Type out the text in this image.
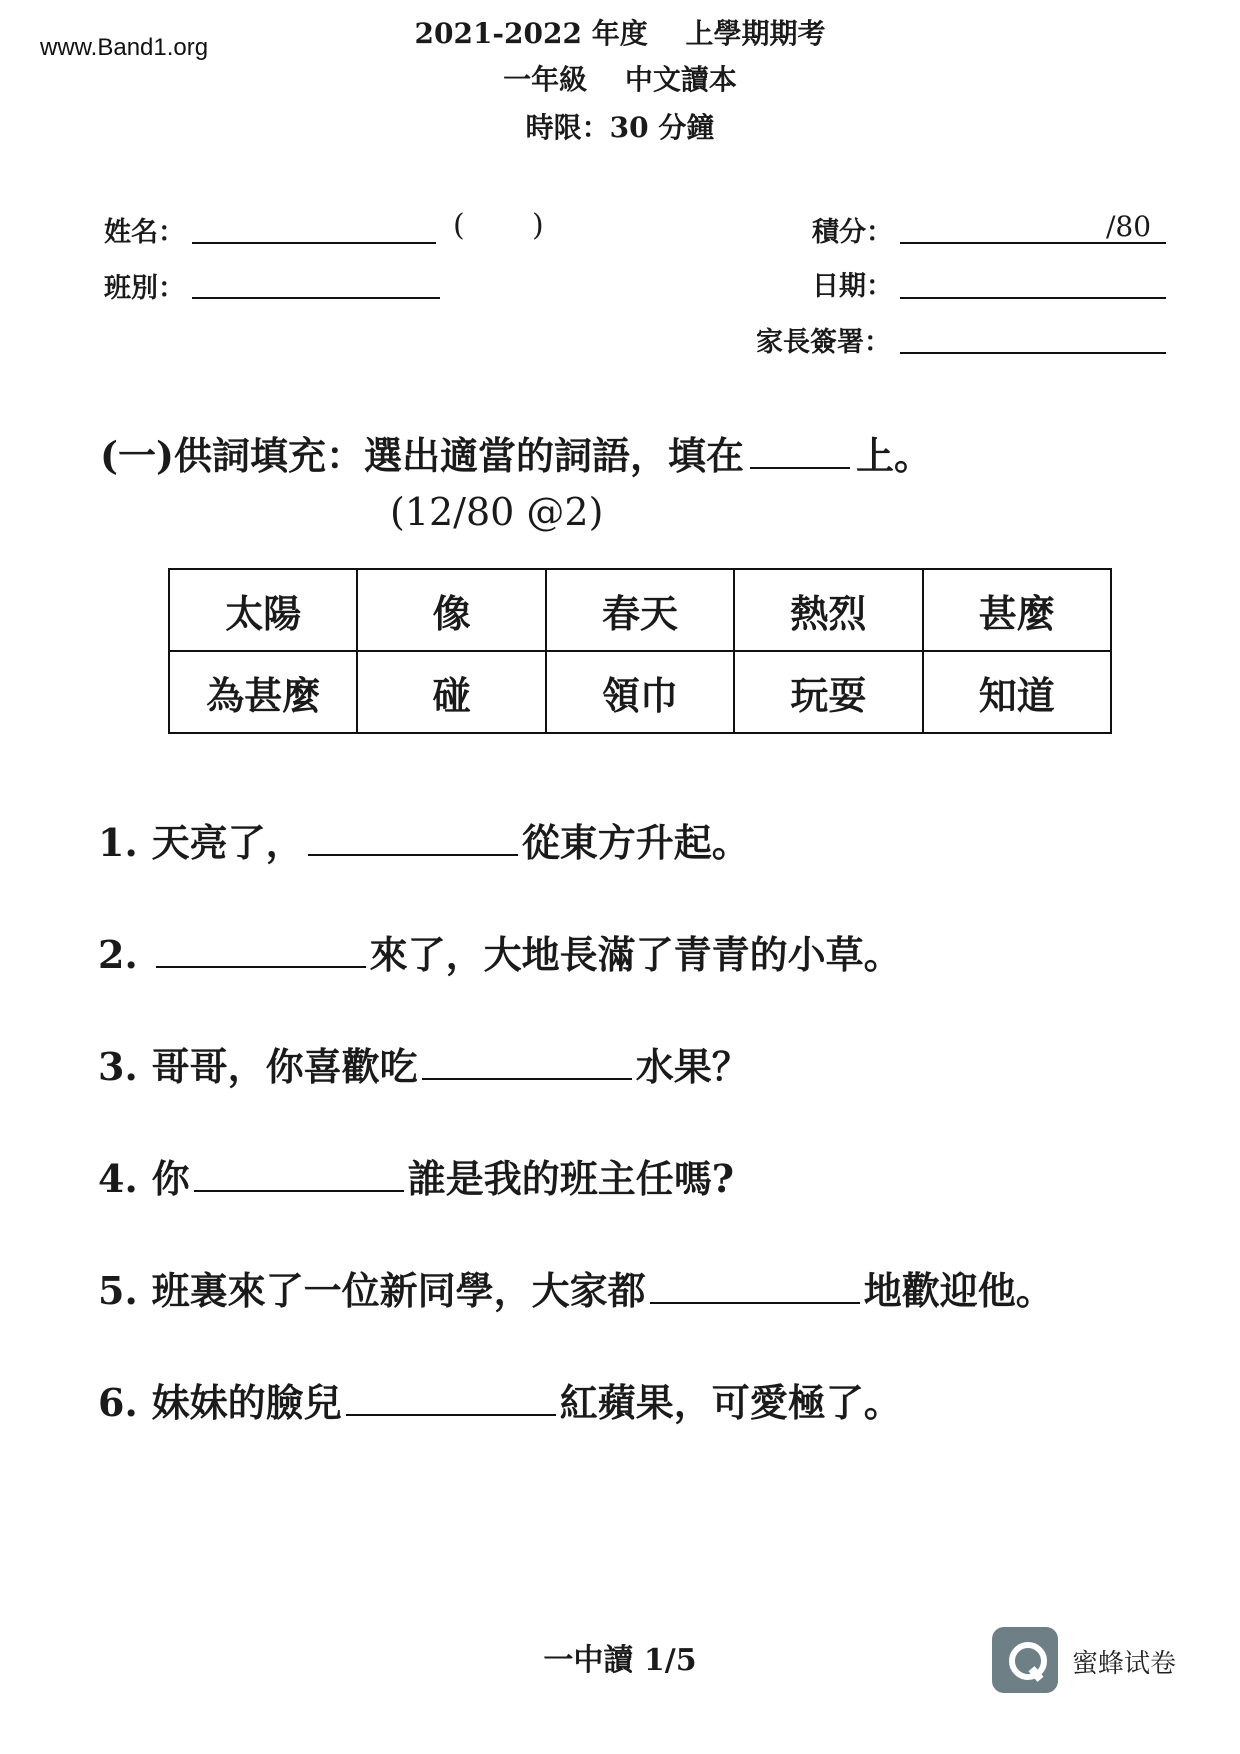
www.Band1.org	2021-2022 年度 上學期期考
一年級 中文讀本
時限：30 分鐘
姓名：	( )
班別：
積分：	/80
日期：
家長簽署：
(一)供詞填充：選出適當的詞語，填在	上。
(12/80 @2)
太陽	像	春天	熱烈	甚麼
為甚麼	碰	領巾	玩耍	知道
1. 天亮了，	從東方升起。
2.	來了，大地長滿了青青的小草。
3. 哥哥，你喜歡吃	水果？
4. 你	誰是我的班主任嗎?
5. 班裏來了一位新同學，大家都	地歡迎他。
6. 妹妹的臉兒	紅蘋果，可愛極了。
一中讀 1/5	蜜蜂试卷
